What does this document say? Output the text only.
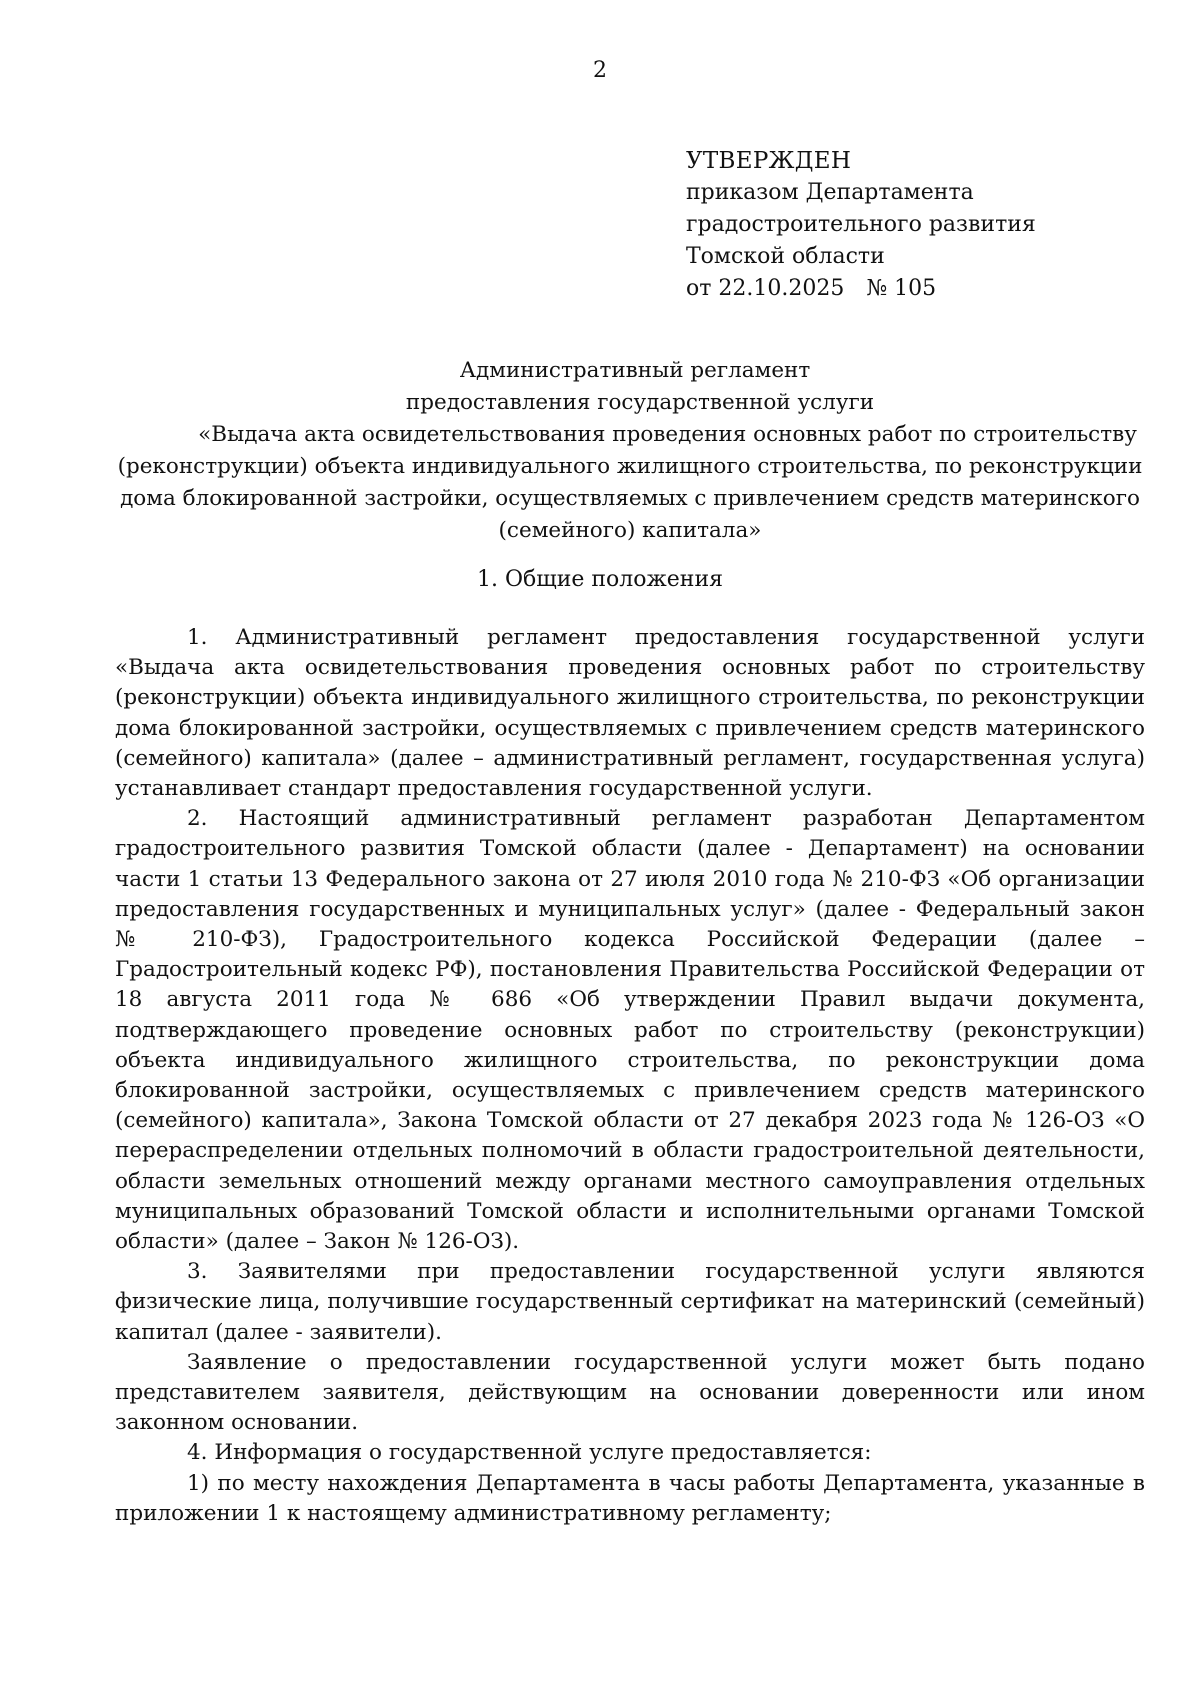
2
УТВЕРЖДЕН
приказом Департамента
градостроительного развития
Томской области
от 22.10.2025 № 105
Административный регламент
предоставления государственной услуги
«Выдача акта освидетельствования проведения основных работ по строительству
(реконструкции) объекта индивидуального жилищного строительства, по реконструкции
дома блокированной застройки, осуществляемых с привлечением средств материнского
(семейного) капитала»
1. Общие положения

1. Административный регламент предоставления государственной услуги «Выдача акта освидетельствования проведения основных работ по строительству (реконструкции) объекта индивидуального жилищного строительства, по реконструкции дома блокированной застройки, осуществляемых с привлечением средств материнского (семейного) капитала» (далее – административный регламент, государственная услуга) устанавливает стандарт предоставления государственной услуги.

2. Настоящий административный регламент разработан Департаментом градостроительного развития Томской области (далее - Департамент) на основании части 1 статьи 13 Федерального закона от 27 июля 2010 года № 210-ФЗ «Об организации предоставления государственных и муниципальных услуг» (далее - Федеральный закон № 210-ФЗ), Градостроительного кодекса Российской Федерации (далее – Градостроительный кодекс РФ), постановления Правительства Российской Федерации от 18 августа 2011 года № 686 «Об утверждении Правил выдачи документа, подтверждающего проведение основных работ по строительству (реконструкции) объекта индивидуального жилищного строительства, по реконструкции дома блокированной застройки, осуществляемых с привлечением средств материнского (семейного) капитала», Закона Томской области от 27 декабря 2023 года № 126-ОЗ «О перераспределении отдельных полномочий в области градостроительной деятельности, области земельных отношений между органами местного самоуправления отдельных муниципальных образований Томской области и исполнительными органами Томской области» (далее – Закон № 126-ОЗ).

3. Заявителями при предоставлении государственной услуги являются физические лица, получившие государственный сертификат на материнский (семейный) капитал (далее - заявители).

Заявление о предоставлении государственной услуги может быть подано представителем заявителя, действующим на основании доверенности или ином законном основании.

4. Информация о государственной услуге предоставляется:

1) по месту нахождения Департамента в часы работы Департамента, указанные в приложении 1 к настоящему административному регламенту;
